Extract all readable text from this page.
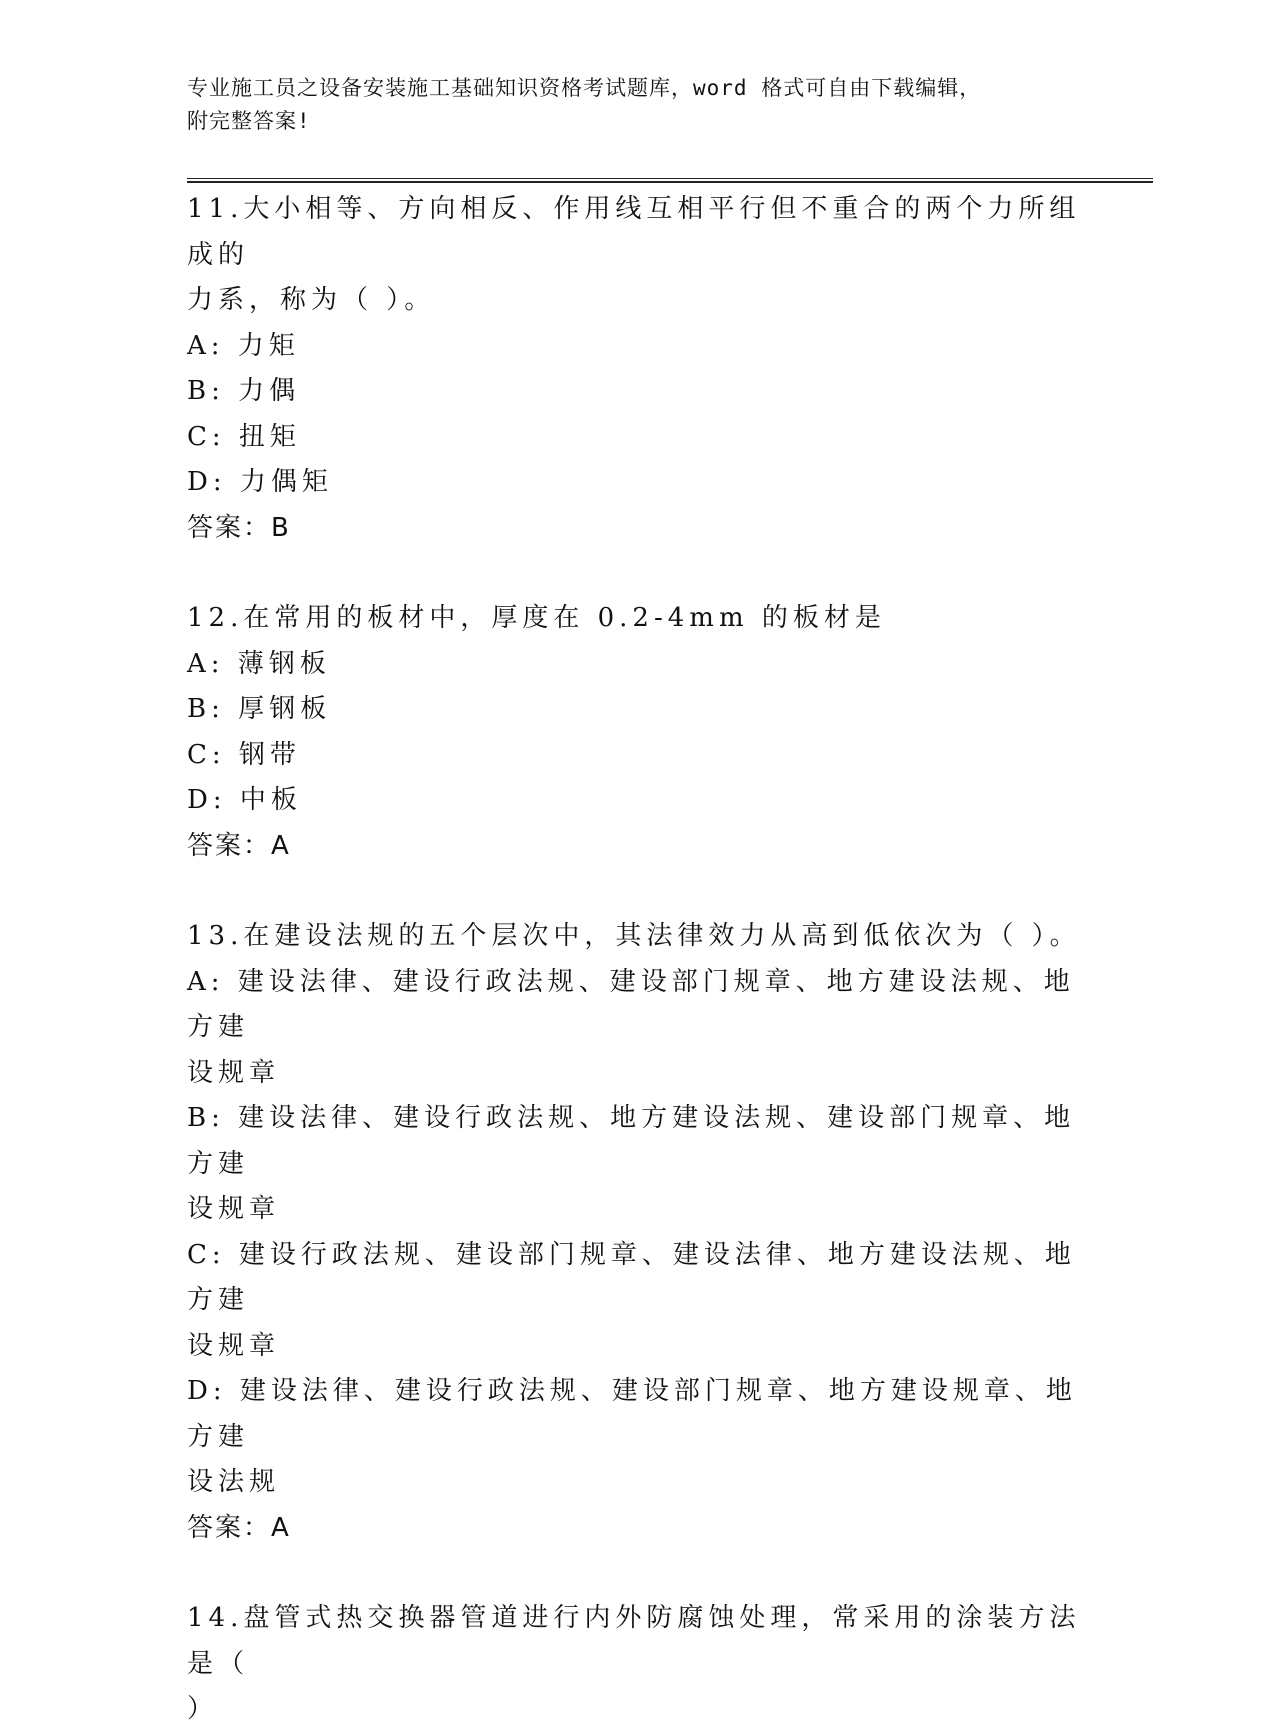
专业施工员之设备安装施工基础知识资格考试题库，word 格式可自由下载编辑，
附完整答案!
11.大小相等、方向相反、作用线互相平行但不重合的两个力所组成的
力系，称为（ ）。
A: 力矩
B: 力偶
C: 扭矩
D: 力偶矩
答案：B
12.在常用的板材中，厚度在 0.2-4mm 的板材是
A: 薄钢板
B: 厚钢板
C: 钢带
D: 中板
答案：A
13.在建设法规的五个层次中，其法律效力从高到低依次为（ ）。
A: 建设法律、建设行政法规、建设部门规章、地方建设法规、地方建
设规章
B: 建设法律、建设行政法规、地方建设法规、建设部门规章、地方建
设规章
C: 建设行政法规、建设部门规章、建设法律、地方建设法规、地方建
设规章
D: 建设法律、建设行政法规、建设部门规章、地方建设规章、地方建
设法规
答案：A
14.盘管式热交换器管道进行内外防腐蚀处理，常采用的涂装方法是（
）
